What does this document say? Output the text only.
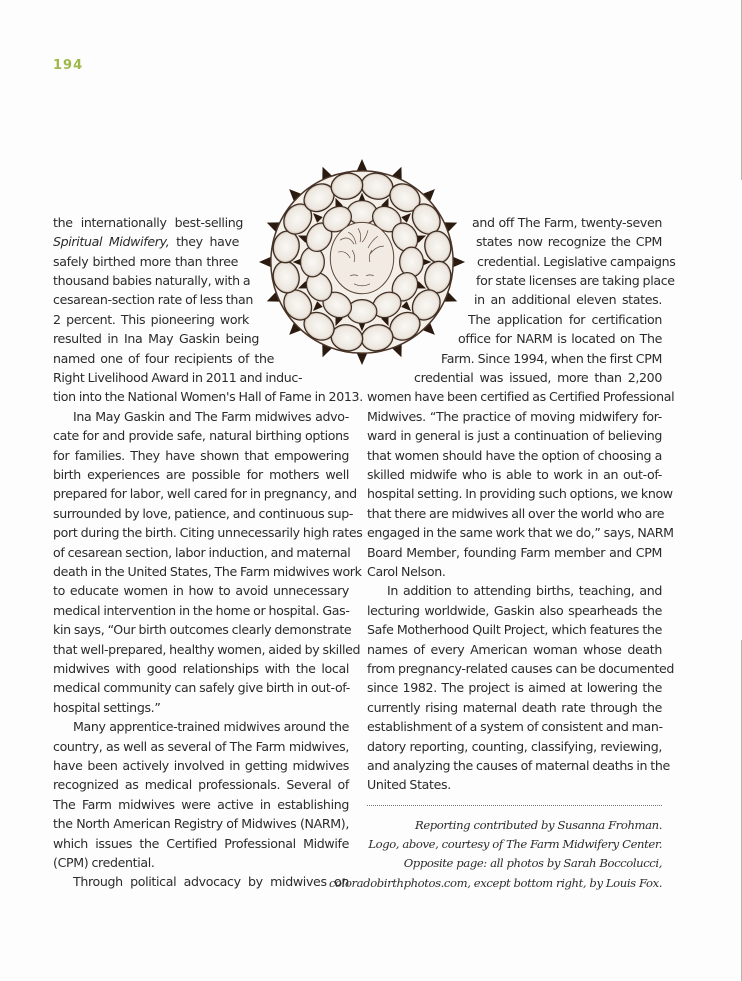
194
the internationally best-selling
Spiritual Midwifery, they have
safely birthed more than three
thousand babies naturally, with a
cesarean-section rate of less than
2 percent. This pioneering work
resulted in Ina May Gaskin being
named one of four recipients of the
Right Livelihood Award in 2011 and induc-
tion into the National Women's Hall of Fame in 2013.
Ina May Gaskin and The Farm midwives advo-
cate for and provide safe, natural birthing options
for families. They have shown that empowering
birth experiences are possible for mothers well
prepared for labor, well cared for in pregnancy, and
surrounded by love, patience, and continuous sup-
port during the birth. Citing unnecessarily high rates
of cesarean section, labor induction, and maternal
death in the United States, The Farm midwives work
to educate women in how to avoid unnecessary
medical intervention in the home or hospital. Gas-
kin says, “Our birth outcomes clearly demonstrate
that well-prepared, healthy women, aided by skilled
midwives with good relationships with the local
medical community can safely give birth in out-of-
hospital settings.”
Many apprentice-trained midwives around the
country, as well as several of The Farm midwives,
have been actively involved in getting midwives
recognized as medical professionals. Several of
The Farm midwives were active in establishing
the North American Registry of Midwives (NARM),
which issues the Certified Professional Midwife
(CPM) credential.
Through political advocacy by midwives on
and off The Farm, twenty-seven
states now recognize the CPM
credential. Legislative campaigns
for state licenses are taking place
in an additional eleven states.
The application for certification
office for NARM is located on The
Farm. Since 1994, when the first CPM
credential was issued, more than 2,200
women have been certified as Certified Professional
Midwives. “The practice of moving midwifery for-
ward in general is just a continuation of believing
that women should have the option of choosing a
skilled midwife who is able to work in an out-of-
hospital setting. In providing such options, we know
that there are midwives all over the world who are
engaged in the same work that we do,” says, NARM
Board Member, founding Farm member and CPM
Carol Nelson.
In addition to attending births, teaching, and
lecturing worldwide, Gaskin also spearheads the
Safe Motherhood Quilt Project, which features the
names of every American woman whose death
from pregnancy-related causes can be documented
since 1982. The project is aimed at lowering the
currently rising maternal death rate through the
establishment of a system of consistent and man-
datory reporting, counting, classifying, reviewing,
and analyzing the causes of maternal deaths in the
United States.
Reporting contributed by Susanna Frohman.
Logo, above, courtesy of The Farm Midwifery Center.
Opposite page: all photos by Sarah Boccolucci,
coloradobirthphotos.com, except bottom right, by Louis Fox.
